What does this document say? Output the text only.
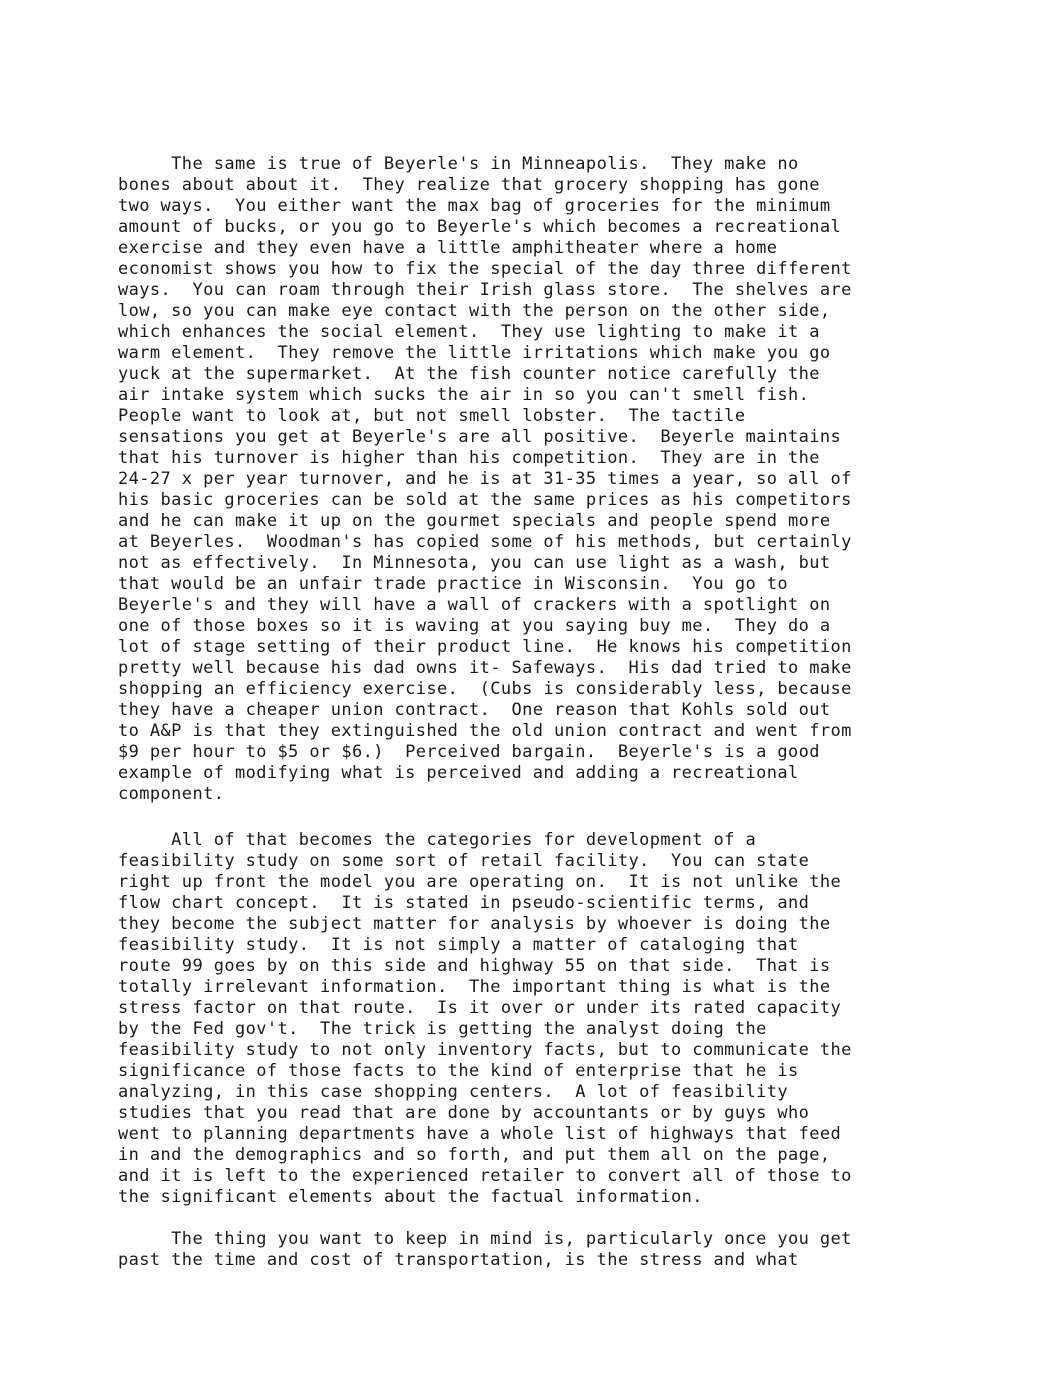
The same is true of Beyerle's in Minneapolis.  They make no
bones about about it.  They realize that grocery shopping has gone
two ways.  You either want the max bag of groceries for the minimum
amount of bucks, or you go to Beyerle's which becomes a recreational
exercise and they even have a little amphitheater where a home
economist shows you how to fix the special of the day three different
ways.  You can roam through their Irish glass store.  The shelves are
low, so you can make eye contact with the person on the other side,
which enhances the social element.  They use lighting to make it a
warm element.  They remove the little irritations which make you go
yuck at the supermarket.  At the fish counter notice carefully the
air intake system which sucks the air in so you can't smell fish.
People want to look at, but not smell lobster.  The tactile
sensations you get at Beyerle's are all positive.  Beyerle maintains
that his turnover is higher than his competition.  They are in the
24-27 x per year turnover, and he is at 31-35 times a year, so all of
his basic groceries can be sold at the same prices as his competitors
and he can make it up on the gourmet specials and people spend more
at Beyerles.  Woodman's has copied some of his methods, but certainly
not as effectively.  In Minnesota, you can use light as a wash, but
that would be an unfair trade practice in Wisconsin.  You go to
Beyerle's and they will have a wall of crackers with a spotlight on
one of those boxes so it is waving at you saying buy me.  They do a
lot of stage setting of their product line.  He knows his competition
pretty well because his dad owns it- Safeways.  His dad tried to make
shopping an efficiency exercise.  (Cubs is considerably less, because
they have a cheaper union contract.  One reason that Kohls sold out
to A&P is that they extinguished the old union contract and went from
$9 per hour to $5 or $6.)  Perceived bargain.  Beyerle's is a good
example of modifying what is perceived and adding a recreational
component.
All of that becomes the categories for development of a
feasibility study on some sort of retail facility.  You can state
right up front the model you are operating on.  It is not unlike the
flow chart concept.  It is stated in pseudo-scientific terms, and
they become the subject matter for analysis by whoever is doing the
feasibility study.  It is not simply a matter of cataloging that
route 99 goes by on this side and highway 55 on that side.  That is
totally irrelevant information.  The important thing is what is the
stress factor on that route.  Is it over or under its rated capacity
by the Fed gov't.  The trick is getting the analyst doing the
feasibility study to not only inventory facts, but to communicate the
significance of those facts to the kind of enterprise that he is
analyzing, in this case shopping centers.  A lot of feasibility
studies that you read that are done by accountants or by guys who
went to planning departments have a whole list of highways that feed
in and the demographics and so forth, and put them all on the page,
and it is left to the experienced retailer to convert all of those to
the significant elements about the factual information.
The thing you want to keep in mind is, particularly once you get
past the time and cost of transportation, is the stress and what
